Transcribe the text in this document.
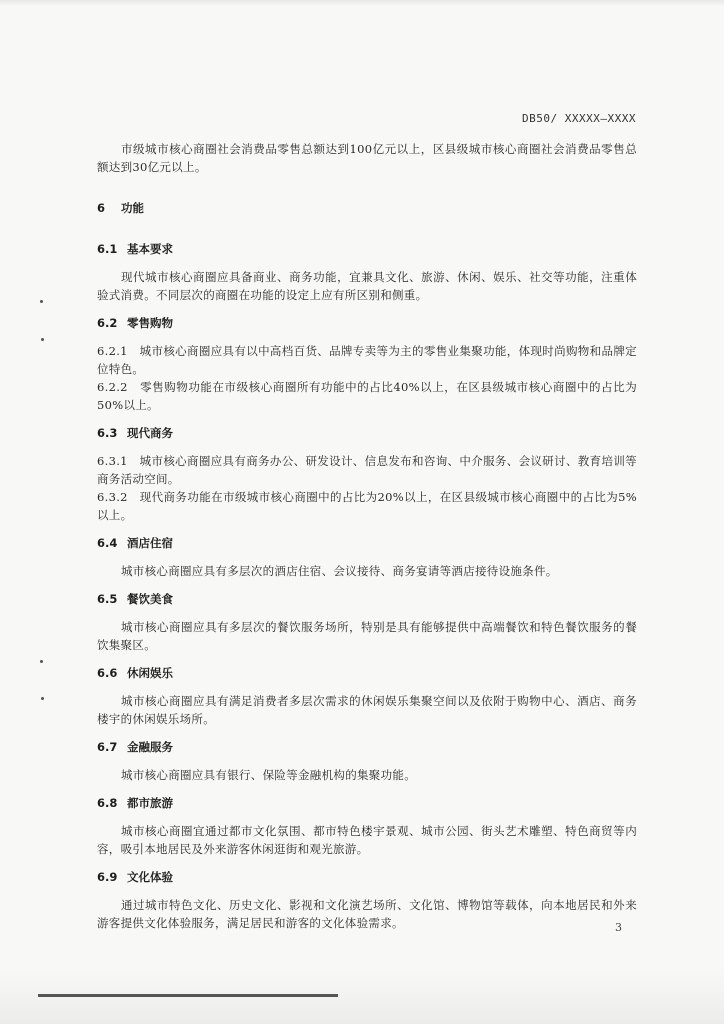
DB50/ XXXXX—XXXX

市级城市核心商圈社会消费品零售总额达到100亿元以上，区县级城市核心商圈社会消费品零售总额达到30亿元以上。

6 功能
6.1 基本要求

现代城市核心商圈应具备商业、商务功能，宜兼具文化、旅游、休闲、娱乐、社交等功能，注重体验式消费。不同层次的商圈在功能的设定上应有所区别和侧重。

6.2 零售购物

6.2.1　 城市核心商圈应具有以中高档百货、品牌专卖等为主的零售业集聚功能，体现时尚购物和品牌定位特色。

6.2.2　 零售购物功能在市级核心商圈所有功能中的占比40%以上，在区县级城市核心商圈中的占比为50%以上。

6.3 现代商务

6.3.1　 城市核心商圈应具有商务办公、研发设计、信息发布和咨询、中介服务、会议研讨、教育培训等商务活动空间。

6.3.2　 现代商务功能在市级城市核心商圈中的占比为20%以上，在区县级城市核心商圈中的占比为5%以上。

6.4 酒店住宿

城市核心商圈应具有多层次的酒店住宿、会议接待、商务宴请等酒店接待设施条件。

6.5 餐饮美食

城市核心商圈应具有多层次的餐饮服务场所，特别是具有能够提供中高端餐饮和特色餐饮服务的餐饮集聚区。

6.6 休闲娱乐

城市核心商圈应具有满足消费者多层次需求的休闲娱乐集聚空间以及依附于购物中心、酒店、商务楼宇的休闲娱乐场所。

6.7 金融服务

城市核心商圈应具有银行、保险等金融机构的集聚功能。

6.8 都市旅游

城市核心商圈宜通过都市文化氛围、都市特色楼宇景观、城市公园、街头艺术雕塑、特色商贸等内容，吸引本地居民及外来游客休闲逛街和观光旅游。

6.9 文化体验

通过城市特色文化、历史文化、影视和文化演艺场所、文化馆、博物馆等载体，向本地居民和外来游客提供文化体验服务，满足居民和游客的文化体验需求。	3
